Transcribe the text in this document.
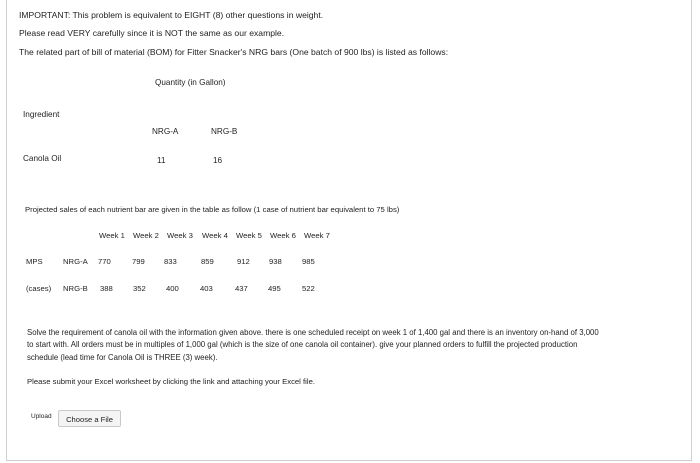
IMPORTANT: This problem is equivalent to EIGHT (8) other questions in weight.
Please read VERY carefully since it is NOT the same as our example.
The related part of bill of material (BOM) for Fitter Snacker's NRG bars (One batch of 900 lbs) is listed as follows:
Quantity (in Gallon)
Ingredient
NRG-A	NRG-B
Canola Oil	11	16
Projected sales of each nutrient bar are given in the table as follow (1 case of nutrient bar equivalent to 75 lbs)
Week 1 Week 2 Week 3 Week 4 Week 5 Week 6 Week 7
MPS	NRG-A 770	799 833	859	912 938	985
(cases) NRG-B 388	352	400	403	437	495	522
Solve the requirement of canola oil with the information given above. there is one scheduled receipt on week 1 of 1,400 gal and there is an inventory on-hand of 3,000 to start with. All orders must be in multiples of 1,000 gal (which is the size of one canola oil container). give your planned orders to fulfill the projected production schedule (lead time for Canola Oil is THREE (3) week).
Please submit your Excel worksheet by clicking the link and attaching your Excel file.
Upload	Choose a File
